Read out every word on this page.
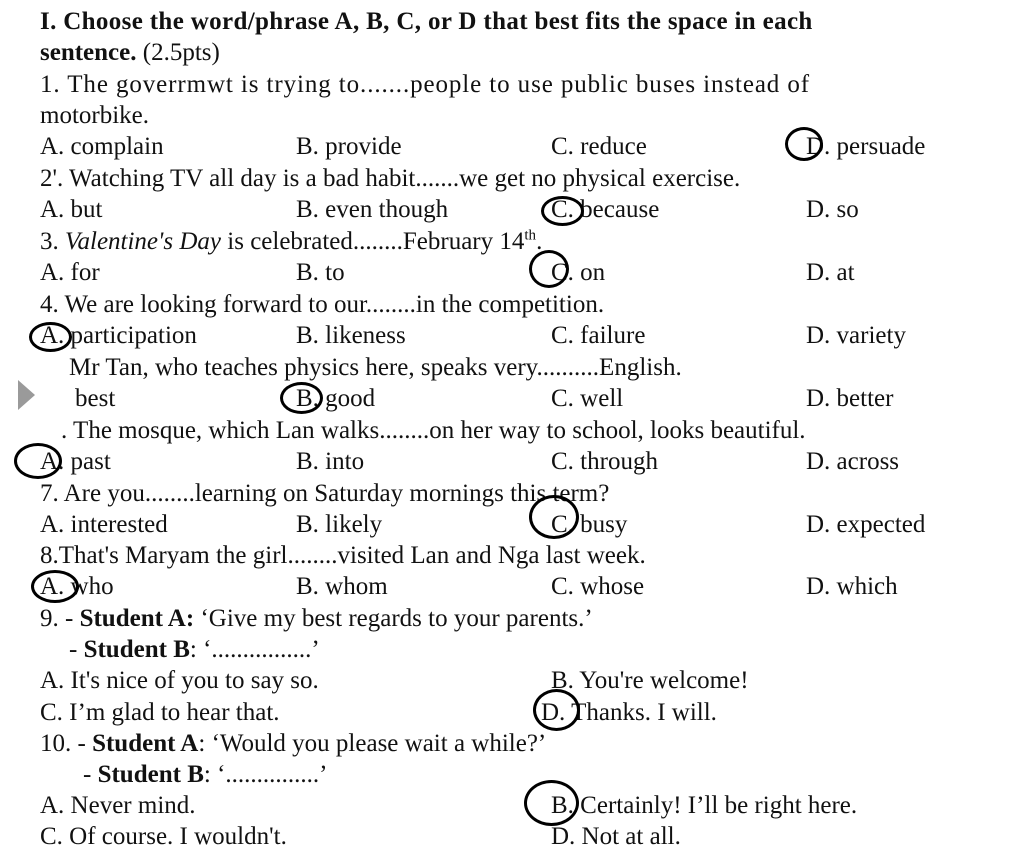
I. Choose the word/phrase A, B, C, or D that best fits the space in each
sentence. (2.5pts)
1. The goverrmwt is trying to.......people to use public buses instead of
motorbike.
A. complain	B. provide	C. reduce	D. persuade
2'. Watching TV all day is a bad habit.......we get no physical exercise.
A. but	B. even though	C. because	D. so
3. Valentine's Day is celebrated........February 14th.
A. for	B. to	C. on	D. at
4. We are looking forward to our........in the competition.
A. participation	B. likeness	C. failure	D. variety
Mr Tan, who teaches physics here, speaks very..........English.
best	B. good	C. well	D. better
. The mosque, which Lan walks........on her way to school, looks beautiful.
A. past	B. into	C. through	D. across
7. Are you........learning on Saturday mornings this term?
A. interested	B. likely	C. busy	D. expected
8.That's Maryam the girl........visited Lan and Nga last week.
A. who	B. whom	C. whose	D. which
9. - Student A: ‘Give my best regards to your parents.’
- Student B: ‘................’
A. It's nice of you to say so.	B. You're welcome!
C. I’m glad to hear that.	D. Thanks. I will.
10. - Student A: ‘Would you please wait a while?’
- Student B: ‘...............’
A. Never mind.	B. Certainly! I’ll be right here.
C. Of course. I wouldn't.	D. Not at all.
